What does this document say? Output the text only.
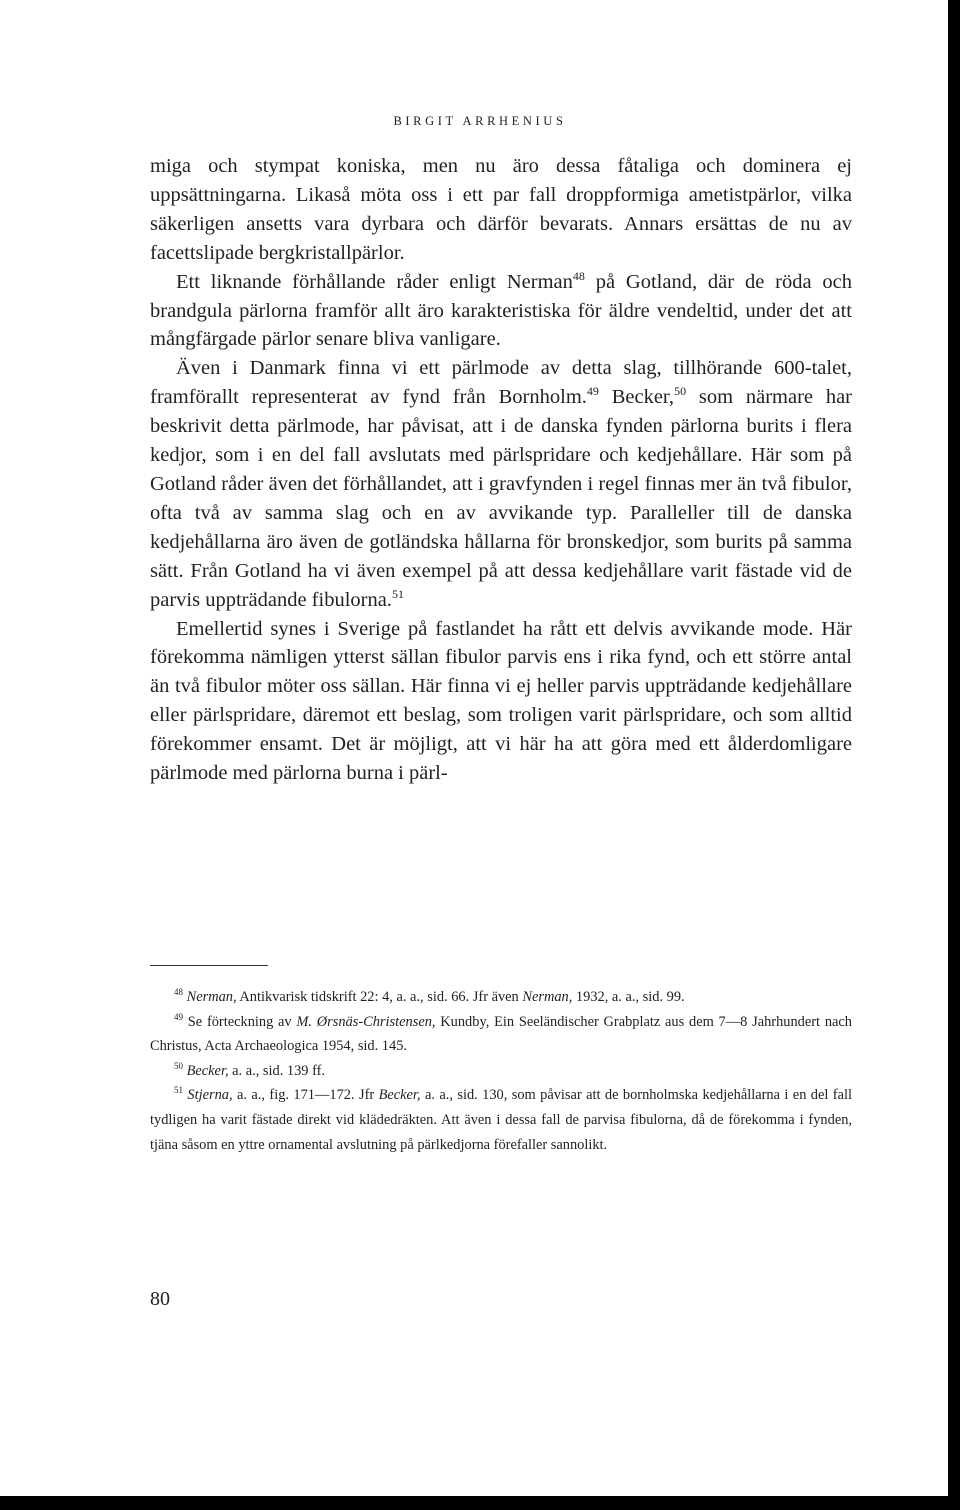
BIRGIT ARRHENIUS

miga och stympat koniska, men nu äro dessa fåtaliga och dominera ej uppsättningarna. Likaså möta oss i ett par fall droppformiga ametistpärlor, vilka säkerligen ansetts vara dyrbara och därför bevarats. Annars ersättas de nu av facettslipade bergkristallpärlor.

Ett liknande förhållande råder enligt Nerman$^{48}$ på Gotland, där de röda och brandgula pärlorna framför allt äro karakteristiska för äldre vendeltid, under det att mångfärgade pärlor senare bliva vanligare.

Även i Danmark finna vi ett pärlmode av detta slag, tillhörande 600-talet, framförallt representerat av fynd från Bornholm.$^{49}$ Becker,$^{50}$ som närmare har beskrivit detta pärlmode, har påvisat, att i de danska fynden pärlorna burits i flera kedjor, som i en del fall avslutats med pärlspridare och kedjehållare. Här som på Gotland råder även det förhållandet, att i gravfynden i regel finnas mer än två fibulor, ofta två av samma slag och en av avvikande typ. Paralleller till de danska kedjehållarna äro även de gotländska hållarna för bronskedjor, som burits på samma sätt. Från Gotland ha vi även exempel på att dessa kedjehållare varit fästade vid de parvis uppträdande fibulorna.$^{51}$

Emellertid synes i Sverige på fastlandet ha rått ett delvis avvikande mode. Här förekomma nämligen ytterst sällan fibulor parvis ens i rika fynd, och ett större antal än två fibulor möter oss sällan. Här finna vi ej heller parvis uppträdande kedjehållare eller pärlspridare, däremot ett beslag, som troligen varit pärlspridare, och som alltid förekommer ensamt. Det är möjligt, att vi här ha att göra med ett ålderdomligare pärlmode med pärlorna burna i pärl-

$^{48}$ Nerman, Antikvarisk tidskrift 22: 4, a. a., sid. 66. Jfr även Nerman, 1932, a. a., sid. 99.

$^{49}$ Se förteckning av M. Ørsnäs-Christensen, Kundby, Ein Seeländischer Grabplatz aus dem 7—8 Jahrhundert nach Christus, Acta Archaeologica 1954, sid. 145.

$^{50}$ Becker, a. a., sid. 139 ff.

$^{51}$ Stjerna, a. a., fig. 171—172. Jfr Becker, a. a., sid. 130, som påvisar att de bornholmska kedjehållarna i en del fall tydligen ha varit fästade direkt vid klädedräkten. Att även i dessa fall de parvisa fibulorna, då de förekomma i fynden, tjäna såsom en yttre ornamental avslutning på pärlkedjorna förefaller sannolikt.

80
